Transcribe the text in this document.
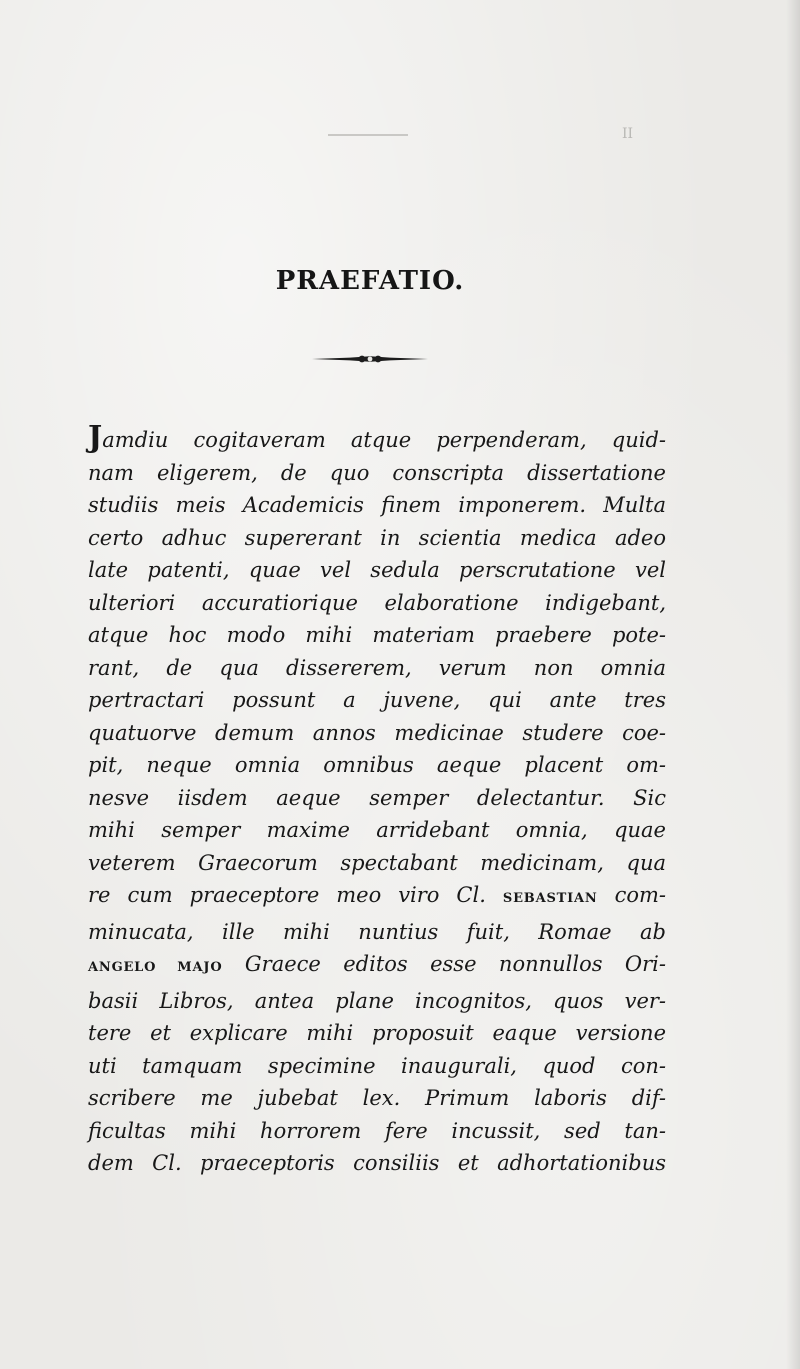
II
PRAEFATIO.
Jamdiu cogitaveram atque perpenderam, quid-
nam eligerem, de quo conscripta dissertatione
studiis meis Academicis finem imponerem. Multa
certo adhuc supererant in scientia medica adeo
late patenti, quae vel sedula perscrutatione vel
ulteriori accuratiorique elaboratione indigebant,
atque hoc modo mihi materiam praebere pote-
rant, de qua dissererem, verum non omnia
pertractari possunt a juvene, qui ante tres
quatuorve demum annos medicinae studere coe-
pit, neque omnia omnibus aeque placent om-
nesve iisdem aeque semper delectantur. Sic
mihi semper maxime arridebant omnia, quae
veterem Graecorum spectabant medicinam, qua
re cum praeceptore meo viro Cl. SEBASTIAN com-
minucata, ille mihi nuntius fuit, Romae ab
ANGELO MAJO Graece editos esse nonnullos Ori-
basii Libros, antea plane incognitos, quos ver-
tere et explicare mihi proposuit eaque versione
uti tamquam specimine inaugurali, quod con-
scribere me jubebat lex. Primum laboris dif-
ficultas mihi horrorem fere incussit, sed tan-
dem Cl. praeceptoris consiliis et adhortationibus
